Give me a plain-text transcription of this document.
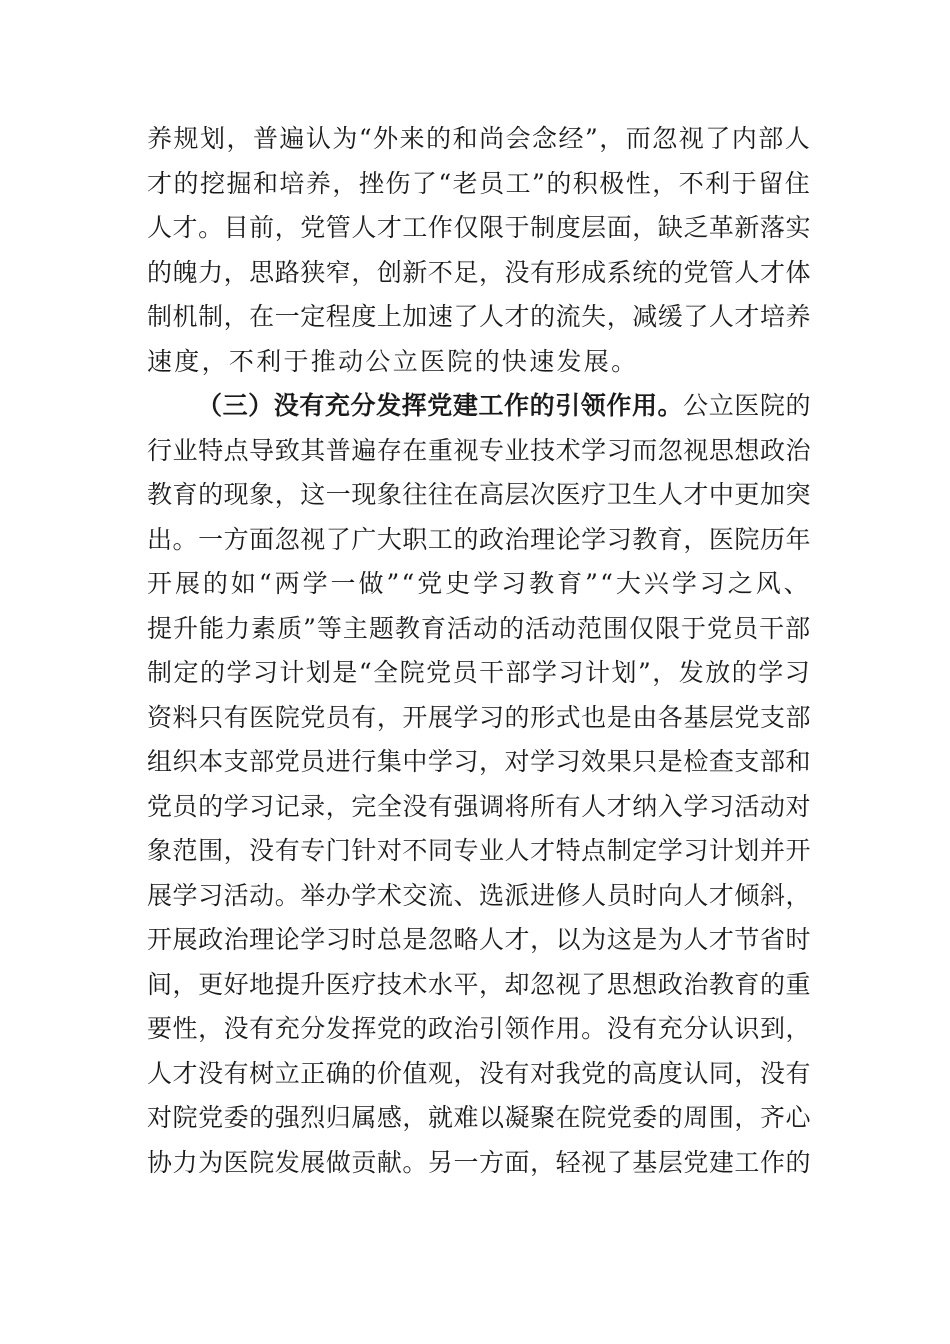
养规划，普遍认为“外来的和尚会念经”，而忽视了内部人
才的挖掘和培养，挫伤了“老员工”的积极性，不利于留住
人才。目前，党管人才工作仅限于制度层面，缺乏革新落实
的魄力，思路狭窄，创新不足，没有形成系统的党管人才体
制机制，在一定程度上加速了人才的流失，减缓了人才培养
速度，不利于推动公立医院的快速发展。
（三）没有充分发挥党建工作的引领作用。公立医院的
行业特点导致其普遍存在重视专业技术学习而忽视思想政治
教育的现象，这一现象往往在高层次医疗卫生人才中更加突
出。一方面忽视了广大职工的政治理论学习教育，医院历年
开展的如“两学一做”“党史学习教育”“大兴学习之风、
提升能力素质”等主题教育活动的活动范围仅限于党员干部
制定的学习计划是“全院党员干部学习计划”，发放的学习
资料只有医院党员有，开展学习的形式也是由各基层党支部
组织本支部党员进行集中学习，对学习效果只是检查支部和
党员的学习记录，完全没有强调将所有人才纳入学习活动对
象范围，没有专门针对不同专业人才特点制定学习计划并开
展学习活动。举办学术交流、选派进修人员时向人才倾斜，
开展政治理论学习时总是忽略人才，以为这是为人才节省时
间，更好地提升医疗技术水平，却忽视了思想政治教育的重
要性，没有充分发挥党的政治引领作用。没有充分认识到，
人才没有树立正确的价值观，没有对我党的高度认同，没有
对院党委的强烈归属感，就难以凝聚在院党委的周围，齐心
协力为医院发展做贡献。另一方面，轻视了基层党建工作的
